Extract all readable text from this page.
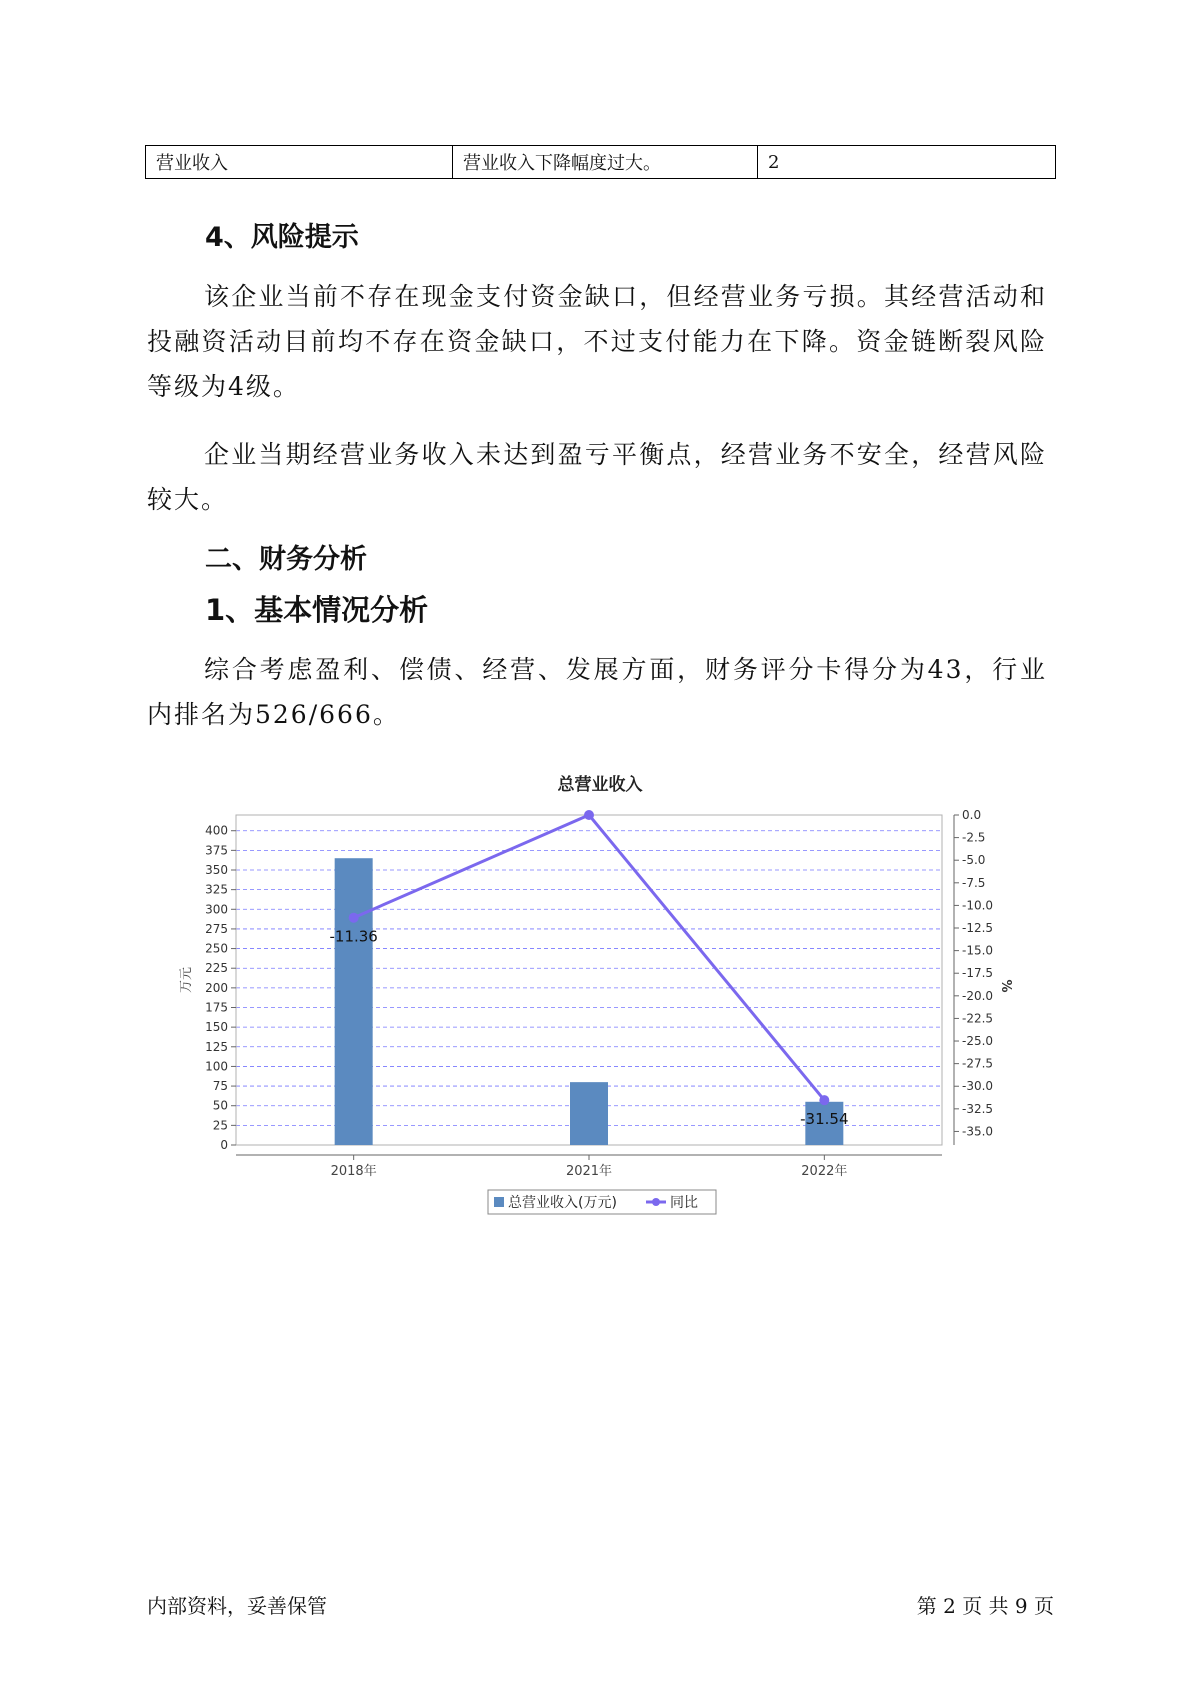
营业收入	营业收入下降幅度过大。	2
4、风险提示

该企业当前不存在现金支付资金缺口，但经营业务亏损。其经营活动和投融资活动目前均不存在资金缺口，不过支付能力在下降。资金链断裂风险等级为4级。

企业当期经营业务收入未达到盈亏平衡点，经营业务不安全，经营风险较大。

二、财务分析
1、基本情况分析

综合考虑盈利、偿债、经营、发展方面，财务评分卡得分为43，行业内排名为526/666。

总营业收入
0
25
50
75
100
125
150
175
200
225
250
275
300
325
350
375
400
0.0
-2.5
-5.0
-7.5
-10.0
-12.5
-15.0
-17.5
-20.0
-22.5
-25.0
-27.5
-30.0
-32.5
-35.0
-11.36
-31.54
2018年	2021年	2022年
万元	%
总营业收入(万元)	同比
内部资料，妥善保管	第 2 页 共 9 页
